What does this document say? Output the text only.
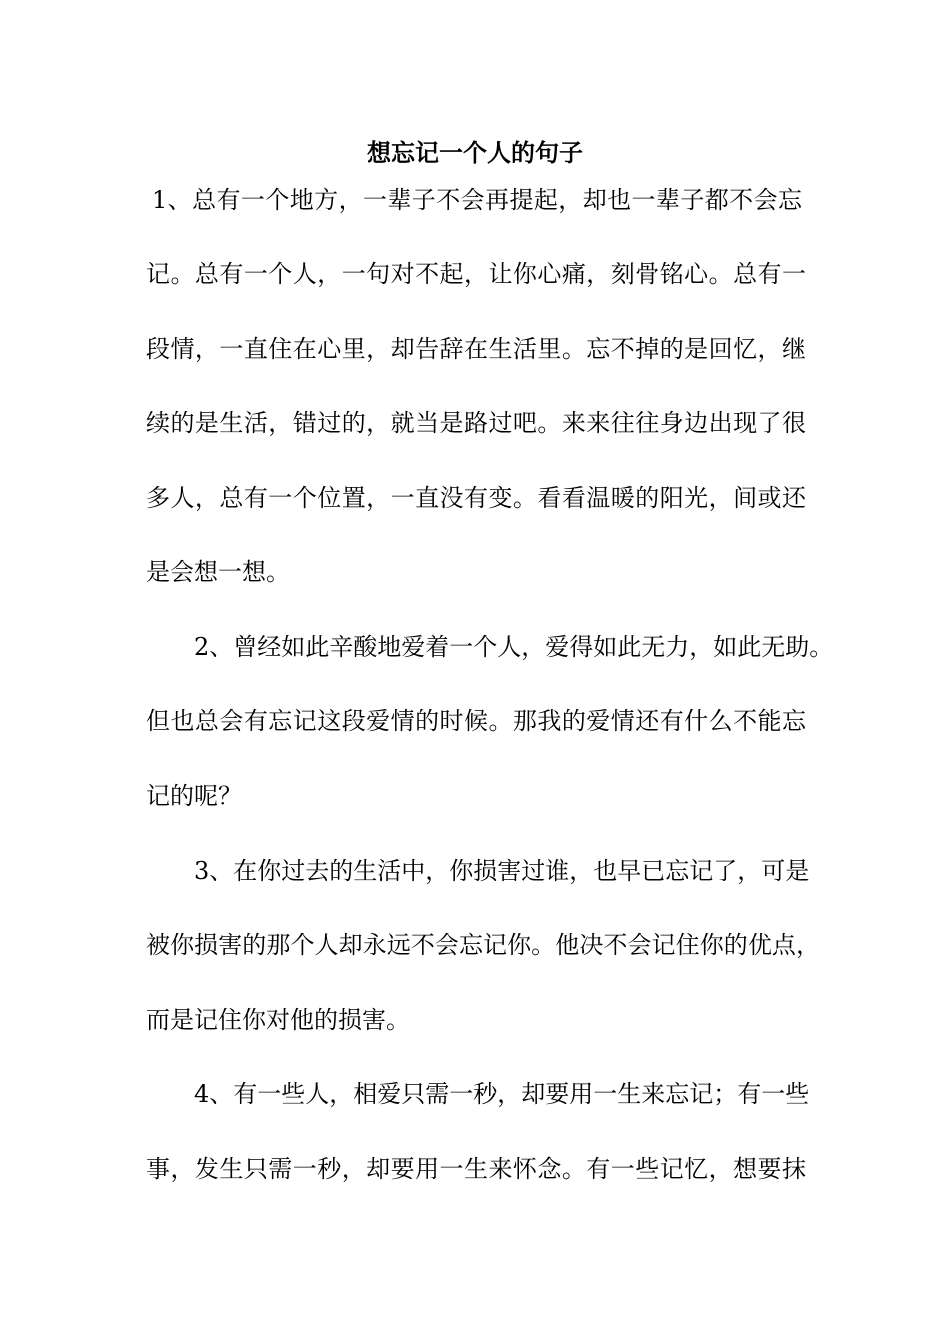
想忘记一个人的句子
1、总有一个地方，一辈子不会再提起，却也一辈子都不会忘
记。总有一个人，一句对不起，让你心痛，刻骨铭心。总有一
段情，一直住在心里，却告辞在生活里。忘不掉的是回忆，继
续的是生活，错过的，就当是路过吧。来来往往身边出现了很
多人，总有一个位置，一直没有变。看看温暖的阳光，间或还
是会想一想。
2、曾经如此辛酸地爱着一个人，爱得如此无力，如此无助。
但也总会有忘记这段爱情的时候。那我的爱情还有什么不能忘
记的呢？
3、在你过去的生活中，你损害过谁，也早已忘记了，可是
被你损害的那个人却永远不会忘记你。他决不会记住你的优点，
而是记住你对他的损害。
4、有一些人，相爱只需一秒，却要用一生来忘记；有一些
事，发生只需一秒，却要用一生来怀念。有一些记忆，想要抹
